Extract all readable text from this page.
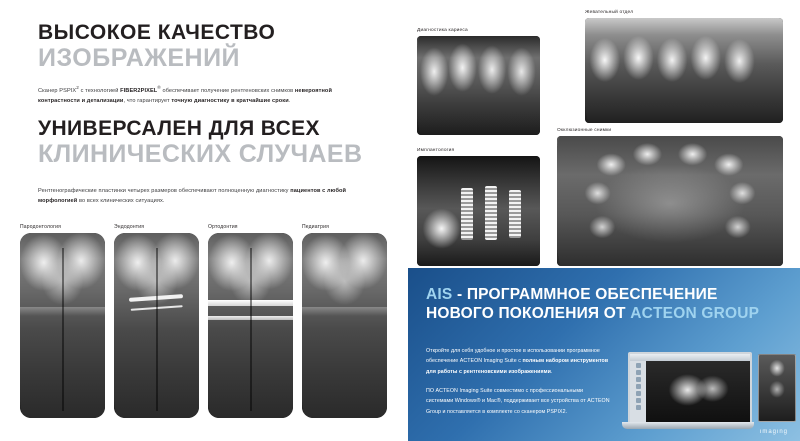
ВЫСОКОЕ КАЧЕСТВО
ИЗОБРАЖЕНИЙ
Сканер PSPIX$^2$ с технологией FIBER2PIXEL® обеспечивает получение рентгеновских снимков невероятной контрастности и детализации, что гарантирует точную диагностику в кратчайшие сроки.
УНИВЕРСАЛЕН ДЛЯ ВСЕХ
КЛИНИЧЕСКИХ СЛУЧАЕВ
Рентгенографические пластинки четырех размеров обеспечивают полноценную диагностику пациентов с любой морфологией во всех клинических ситуациях.
Пародонтология	Эндодонтия	Ортодонтия	Педиатрия
Диагностика кариеса
Жевательный отдел
Имплантология
Окклюзионные снимки
AIS - ПРОГРАММНОЕ ОБЕСПЕЧЕНИЕ
НОВОГО ПОКОЛЕНИЯ ОТ ACTEON GROUP

Откройте для себя удобное и простое в использовании программное обеспечение ACTEON Imaging Suite с полным набором инструментов для работы с рентгеновскими изображениями.

ПО ACTEON Imaging Suite совместимо с профессиональными системами Windows® и Mac®, поддерживает все устройства от ACTEON Group и поставляется в комплекте со сканером PSPIX2.

imaging
